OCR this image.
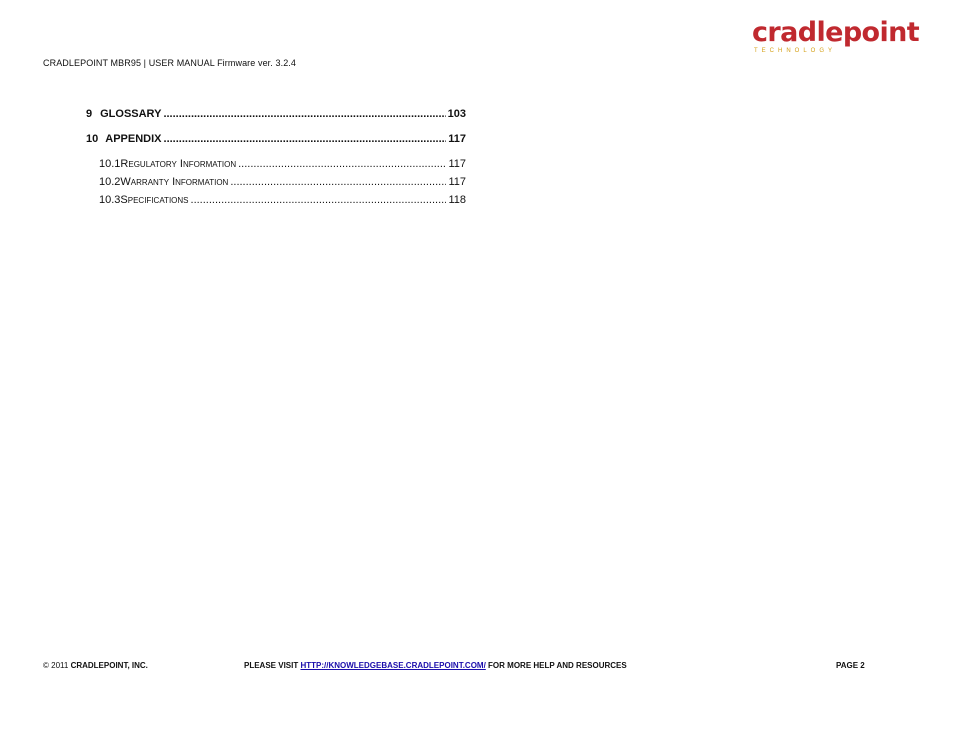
CRADLEPOINT MBR95 | USER MANUAL Firmware ver. 3.2.4
cradlepoint
TECHNOLOGY
9 GLOSSARY .....	103
10 APPENDIX .....	117
10.1 Regulatory Information .....	117
10.2 Warranty Information .....	117
10.3 Specifications .....	118
© 2011 CRADLEPOINT, INC.	PLEASE VISIT HTTP://KNOWLEDGEBASE.CRADLEPOINT.COM/ FOR MORE HELP AND RESOURCES	PAGE 2
